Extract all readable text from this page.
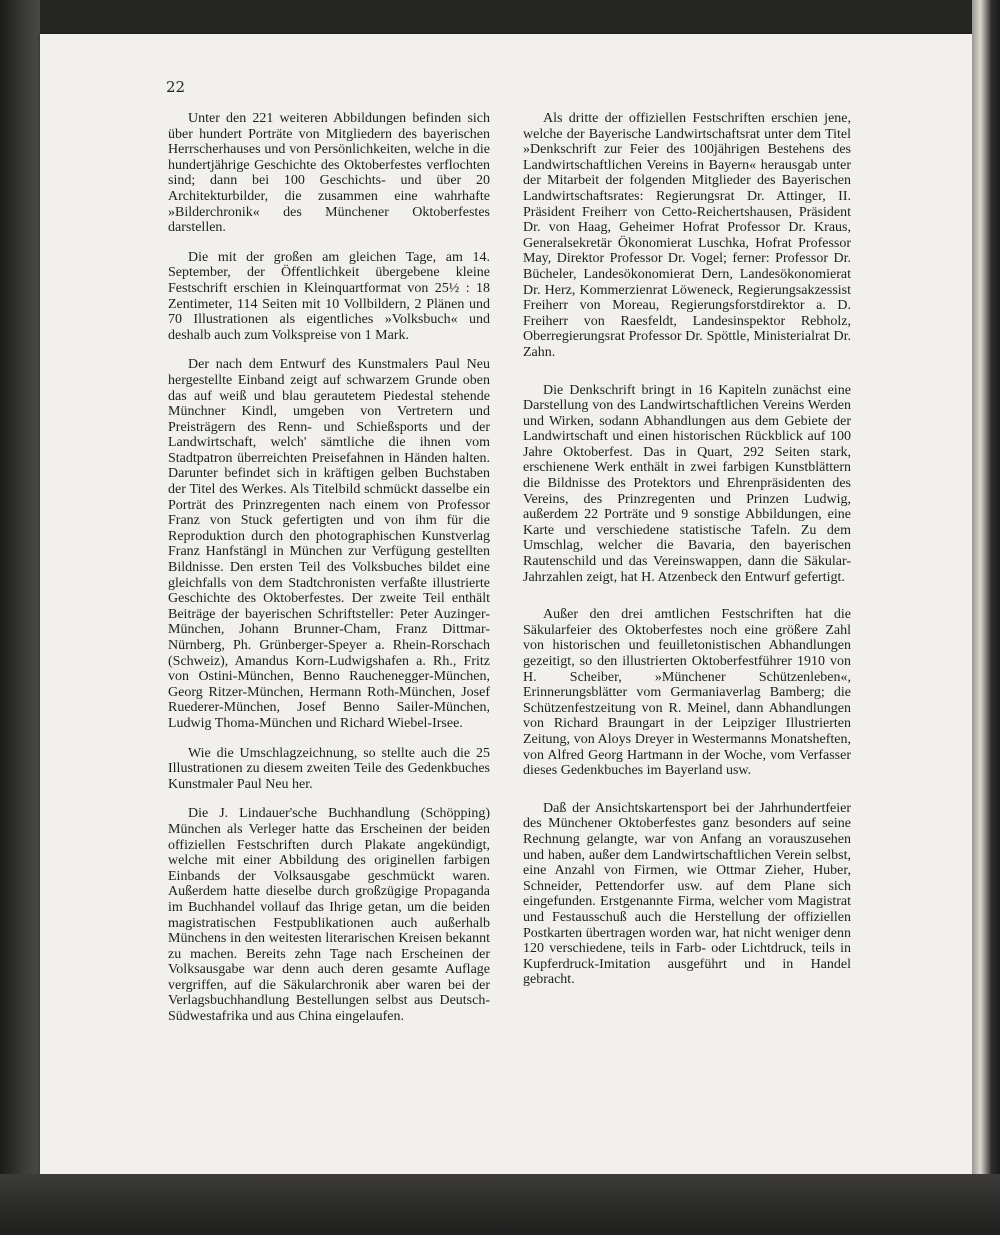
22

Unter den 221 weiteren Abbildungen befinden sich über hundert Porträte von Mitgliedern des bayerischen Herrscherhauses und von Persönlichkeiten, welche in die hundertjährige Geschichte des Oktoberfestes verflochten sind; dann bei 100 Geschichts- und über 20 Architekturbilder, die zusammen eine wahrhafte »Bilderchronik« des Münchener Oktoberfestes darstellen.

Die mit der großen am gleichen Tage, am 14. September, der Öffentlichkeit übergebene kleine Festschrift erschien in Kleinquartformat von 25½ : 18 Zentimeter, 114 Seiten mit 10 Vollbildern, 2 Plänen und 70 Illustrationen als eigentliches »Volksbuch« und deshalb auch zum Volkspreise von 1 Mark.

Der nach dem Entwurf des Kunstmalers Paul Neu hergestellte Einband zeigt auf schwarzem Grunde oben das auf weiß und blau gerautetem Piedestal stehende Münchner Kindl, umgeben von Vertretern und Preisträgern des Renn- und Schießsports und der Landwirtschaft, welch' sämtliche die ihnen vom Stadtpatron überreichten Preisefahnen in Händen halten. Darunter befindet sich in kräftigen gelben Buchstaben der Titel des Werkes. Als Titelbild schmückt dasselbe ein Porträt des Prinzregenten nach einem von Professor Franz von Stuck gefertigten und von ihm für die Reproduktion durch den photographischen Kunstverlag Franz Hanfstängl in München zur Verfügung gestellten Bildnisse. Den ersten Teil des Volksbuches bildet eine gleichfalls von dem Stadtchronisten verfaßte illustrierte Geschichte des Oktoberfestes. Der zweite Teil enthält Beiträge der bayerischen Schriftsteller: Peter Auzinger-München, Johann Brunner-Cham, Franz Dittmar-Nürnberg, Ph. Grünberger-Speyer a. Rhein-Rorschach (Schweiz), Amandus Korn-Ludwigshafen a. Rh., Fritz von Ostini-München, Benno Rauchenegger-München, Georg Ritzer-München, Hermann Roth-München, Josef Ruederer-München, Josef Benno Sailer-München, Ludwig Thoma-München und Richard Wiebel-Irsee.

Wie die Umschlagzeichnung, so stellte auch die 25 Illustrationen zu diesem zweiten Teile des Gedenkbuches Kunstmaler Paul Neu her.

Die J. Lindauer'sche Buchhandlung (Schöpping) München als Verleger hatte das Erscheinen der beiden offiziellen Festschriften durch Plakate angekündigt, welche mit einer Abbildung des originellen farbigen Einbands der Volksausgabe geschmückt waren. Außerdem hatte dieselbe durch großzügige Propaganda im Buchhandel vollauf das Ihrige getan, um die beiden magistratischen Festpublikationen auch außerhalb Münchens in den weitesten literarischen Kreisen bekannt zu machen. Bereits zehn Tage nach Erscheinen der Volksausgabe war denn auch deren gesamte Auflage vergriffen, auf die Säkularchronik aber waren bei der Verlagsbuchhandlung Bestellungen selbst aus Deutsch-Südwestafrika und aus China eingelaufen.

Als dritte der offiziellen Festschriften erschien jene, welche der Bayerische Landwirtschaftsrat unter dem Titel »Denkschrift zur Feier des 100jährigen Bestehens des Landwirtschaftlichen Vereins in Bayern« herausgab unter der Mitarbeit der folgenden Mitglieder des Bayerischen Landwirtschaftsrates: Regierungsrat Dr. Attinger, II. Präsident Freiherr von Cetto-Reichertshausen, Präsident Dr. von Haag, Geheimer Hofrat Professor Dr. Kraus, Generalsekretär Ökonomierat Luschka, Hofrat Professor May, Direktor Professor Dr. Vogel; ferner: Professor Dr. Bücheler, Landesökonomierat Dern, Landesökonomierat Dr. Herz, Kommerzienrat Löweneck, Regierungsakzessist Freiherr von Moreau, Regierungsforstdirektor a. D. Freiherr von Raesfeldt, Landesinspektor Rebholz, Oberregierungsrat Professor Dr. Spöttle, Ministerialrat Dr. Zahn.

Die Denkschrift bringt in 16 Kapiteln zunächst eine Darstellung von des Landwirtschaftlichen Vereins Werden und Wirken, sodann Abhandlungen aus dem Gebiete der Landwirtschaft und einen historischen Rückblick auf 100 Jahre Oktoberfest. Das in Quart, 292 Seiten stark, erschienene Werk enthält in zwei farbigen Kunstblättern die Bildnisse des Protektors und Ehrenpräsidenten des Vereins, des Prinzregenten und Prinzen Ludwig, außerdem 22 Porträte und 9 sonstige Abbildungen, eine Karte und verschiedene statistische Tafeln. Zu dem Umschlag, welcher die Bavaria, den bayerischen Rautenschild und das Vereinswappen, dann die Säkular-Jahrzahlen zeigt, hat H. Atzenbeck den Entwurf gefertigt.

Außer den drei amtlichen Festschriften hat die Säkularfeier des Oktoberfestes noch eine größere Zahl von historischen und feuilletonistischen Abhandlungen gezeitigt, so den illustrierten Oktoberfestführer 1910 von H. Scheiber, »Münchener Schützenleben«, Erinnerungsblätter vom Germaniaverlag Bamberg; die Schützenfestzeitung von R. Meinel, dann Abhandlungen von Richard Braungart in der Leipziger Illustrierten Zeitung, von Aloys Dreyer in Westermanns Monatsheften, von Alfred Georg Hartmann in der Woche, vom Verfasser dieses Gedenkbuches im Bayerland usw.

Daß der Ansichtskartensport bei der Jahrhundertfeier des Münchener Oktoberfestes ganz besonders auf seine Rechnung gelangte, war von Anfang an vorauszusehen und haben, außer dem Landwirtschaftlichen Verein selbst, eine Anzahl von Firmen, wie Ottmar Zieher, Huber, Schneider, Pettendorfer usw. auf dem Plane sich eingefunden. Erstgenannte Firma, welcher vom Magistrat und Festausschuß auch die Herstellung der offiziellen Postkarten übertragen worden war, hat nicht weniger denn 120 verschiedene, teils in Farb- oder Lichtdruck, teils in Kupferdruck-Imitation ausgeführt und in Handel gebracht.
